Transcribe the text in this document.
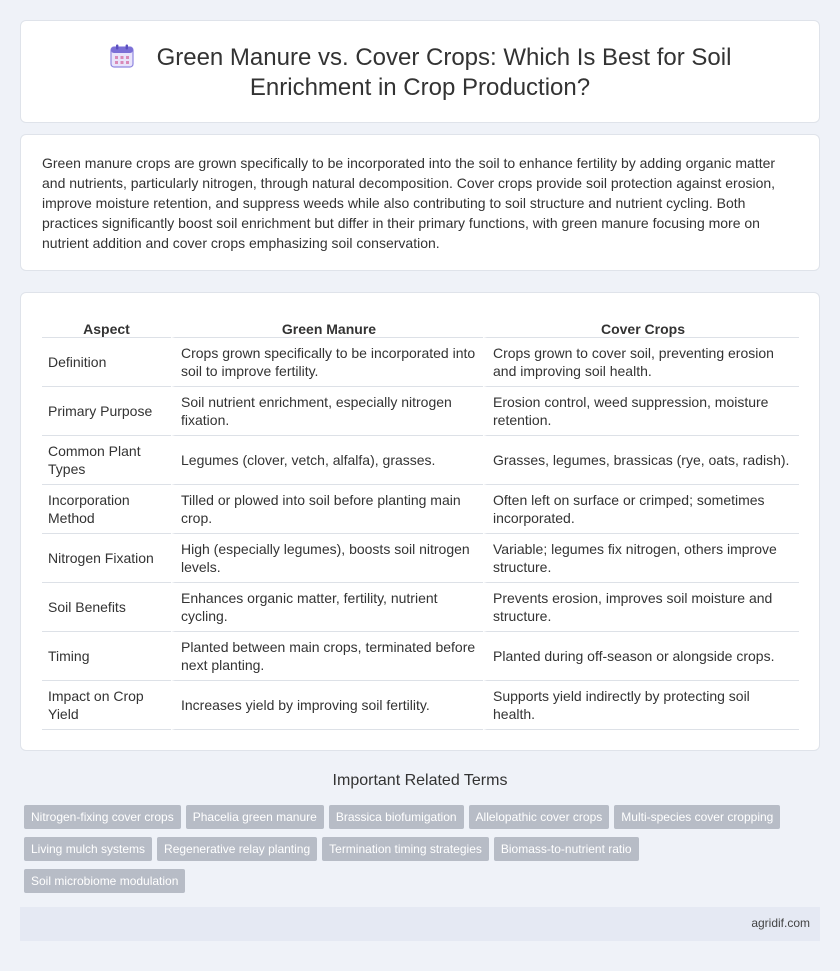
Green Manure vs. Cover Crops: Which Is Best for Soil Enrichment in Crop Production?

Green manure crops are grown specifically to be incorporated into the soil to enhance fertility by adding organic matter and nutrients, particularly nitrogen, through natural decomposition. Cover crops provide soil protection against erosion, improve moisture retention, and suppress weeds while also contributing to soil structure and nutrient cycling. Both practices significantly boost soil enrichment but differ in their primary functions, with green manure focusing more on nutrient addition and cover crops emphasizing soil conservation.

Aspect	Green Manure	Cover Crops
Definition	Crops grown specifically to be incorporated into soil to improve fertility.	Crops grown to cover soil, preventing erosion and improving soil health.
Primary Purpose	Soil nutrient enrichment, especially nitrogen fixation.	Erosion control, weed suppression, moisture retention.
Common Plant Types	Legumes (clover, vetch, alfalfa), grasses.	Grasses, legumes, brassicas (rye, oats, radish).
Incorporation Method	Tilled or plowed into soil before planting main crop.	Often left on surface or crimped; sometimes incorporated.
Nitrogen Fixation	High (especially legumes), boosts soil nitrogen levels.	Variable; legumes fix nitrogen, others improve structure.
Soil Benefits	Enhances organic matter, fertility, nutrient cycling.	Prevents erosion, improves soil moisture and structure.
Timing	Planted between main crops, terminated before next planting.	Planted during off-season or alongside crops.
Impact on Crop Yield	Increases yield by improving soil fertility.	Supports yield indirectly by protecting soil health.
Important Related Terms
Nitrogen-fixing cover crops Phacelia green manure Brassica biofumigation Allelopathic cover crops Multi-species cover cropping
Living mulch systems Regenerative relay planting Termination timing strategies Biomass-to-nutrient ratio
Soil microbiome modulation
agridif.com
